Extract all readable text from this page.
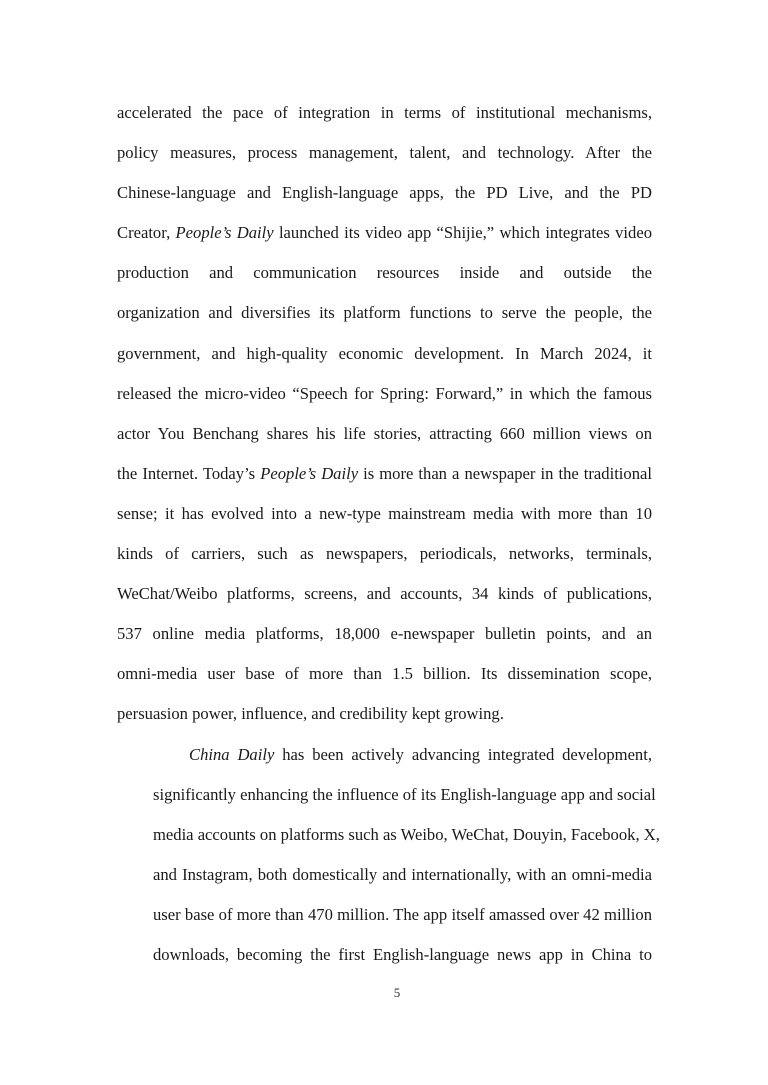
accelerated the pace of integration in terms of institutional mechanisms,
policy measures, process management, talent, and technology. After the
Chinese-language and English-language apps, the PD Live, and the PD
Creator, People’s Daily launched its video app “Shijie,” which integrates video
production and communication resources inside and outside the
organization and diversifies its platform functions to serve the people, the
government, and high-quality economic development. In March 2024, it
released the micro-video “Speech for Spring: Forward,” in which the famous
actor You Benchang shares his life stories, attracting 660 million views on
the Internet. Today’s People’s Daily is more than a newspaper in the traditional
sense; it has evolved into a new-type mainstream media with more than 10
kinds of carriers, such as newspapers, periodicals, networks, terminals,
WeChat/Weibo platforms, screens, and accounts, 34 kinds of publications,
537 online media platforms, 18,000 e-newspaper bulletin points, and an
omni-media user base of more than 1.5 billion. Its dissemination scope,
persuasion power, influence, and credibility kept growing.
China Daily has been actively advancing integrated development,
significantly enhancing the influence of its English-language app and social
media accounts on platforms such as Weibo, WeChat, Douyin, Facebook, X,
and Instagram, both domestically and internationally, with an omni-media
user base of more than 470 million. The app itself amassed over 42 million
downloads, becoming the first English-language news app in China to
5
